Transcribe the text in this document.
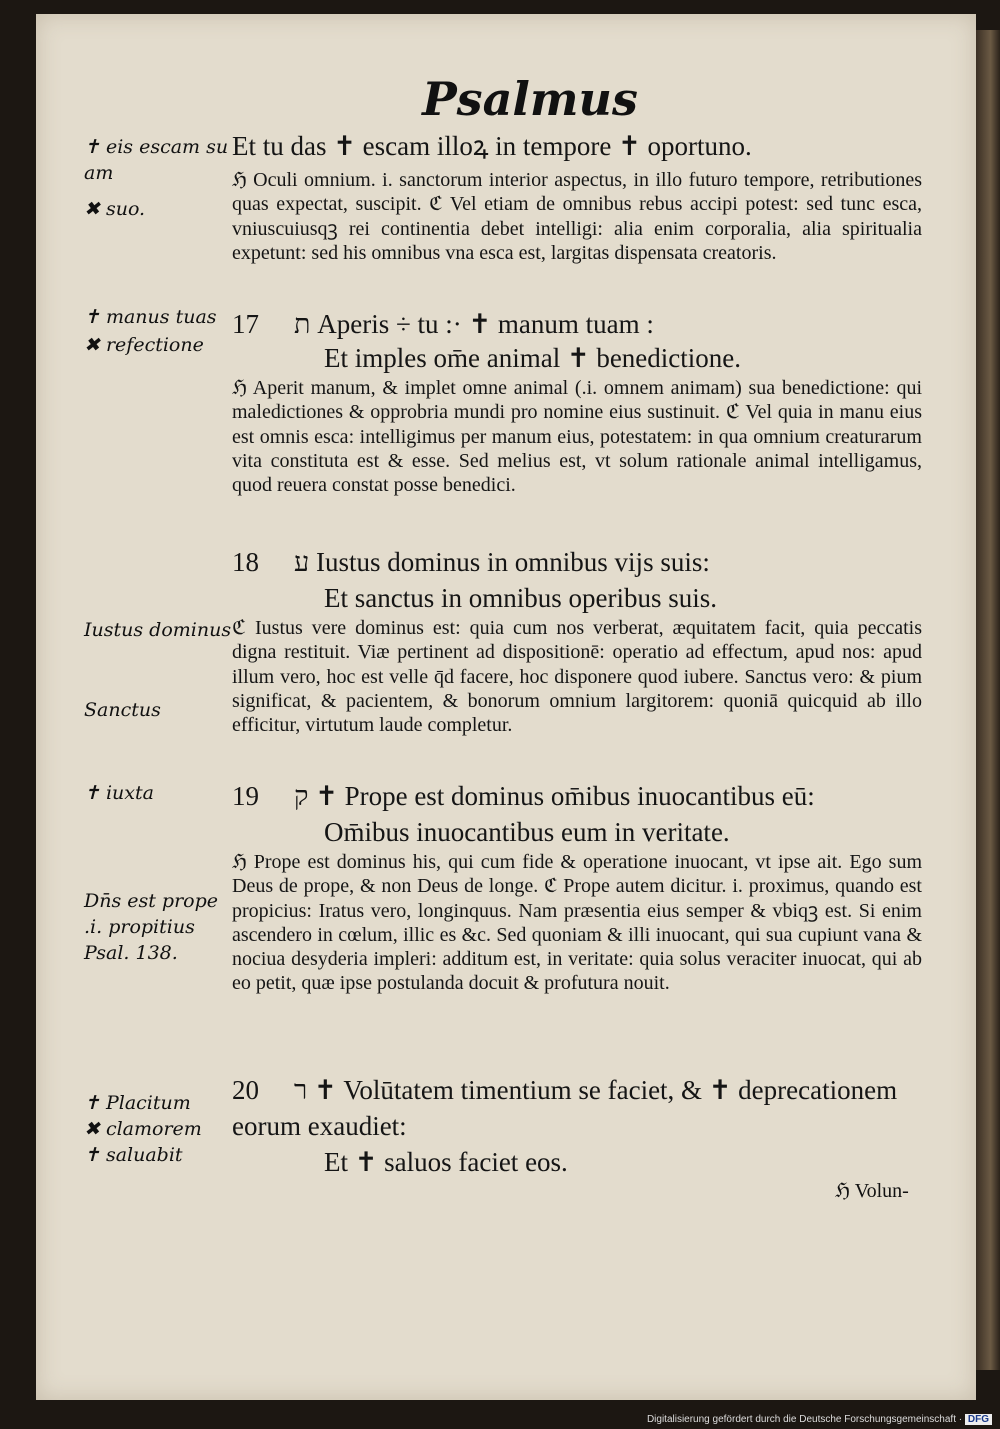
Psalmus
✝ eis escam su
am
✖ suo.
✝ manus tuas
✖ refectione
Iustus dominus
Sanctus
✝ iuxta
Dn̄s est prope
.i. propitius
Psal. 138.
✝ Placitum
✖ clamorem
✝ saluabit
Et tu das ✝ escam illoꝝ in tempore ✝ oportuno.
ℌ Oculi omnium. i. sanctorum interior aspectus, in illo futuro tempore, retributiones quas expectat, suscipit. ℭ Vel etiam de omnibus rebus accipi potest: sed tunc esca, vniuscuiusqꝫ rei continentia debet intelligi: alia enim corporalia, alia spiritualia expetunt: sed his omnibus vna esca est, largitas dispensata creatoris.
17 ת Aperis ÷ tu :· ✝ manum tuam :
Et imples om̄e animal ✝ benedictione.
ℌ Aperit manum, & implet omne animal (.i. omnem animam) sua benedictione: qui maledictiones & opprobria mundi pro nomine eius sustinuit. ℭ Vel quia in manu eius est omnis esca: intelligimus per manum eius, potestatem: in qua omnium creaturarum vita constituta est & esse. Sed melius est, vt solum rationale animal intelligamus, quod reuera constat posse benedici.
18 ע Iustus dominus in omnibus vijs suis:
Et sanctus in omnibus operibus suis.
ℭ Iustus vere dominus est: quia cum nos verberat, æquitatem facit, quia peccatis digna restituit. Viæ pertinent ad dispositionē: operatio ad effectum, apud nos: apud illum vero, hoc est velle q̄d facere, hoc disponere quod iubere. Sanctus vero: & pium significat, & pacientem, & bonorum omnium largitorem: quoniā quicquid ab illo efficitur, virtutum laude completur.
19 ק ✝ Prope est dominus om̄ibus inuocantibus eū:
Om̄ibus inuocantibus eum in veritate.
ℌ Prope est dominus his, qui cum fide & operatione inuocant, vt ipse ait. Ego sum Deus de prope, & non Deus de longe. ℭ Prope autem dicitur. i. proximus, quando est propicius: Iratus vero, longinquus. Nam præsentia eius semper & vbiqꝫ est. Si enim ascendero in cœlum, illic es &c. Sed quoniam & illi inuocant, qui sua cupiunt vana & nociua desyderia impleri: additum est, in veritate: quia solus veraciter inuocat, qui ab eo petit, quæ ipse postulanda docuit & profutura nouit.
20 ר ✝ Volūtatem timentium se faciet, & ✝ deprecationem eorum exaudiet:
Et ✝ saluos faciet eos.
ℌ Volun-
Digitalisierung gefördert durch die Deutsche Forschungsgemeinschaft · DFG
